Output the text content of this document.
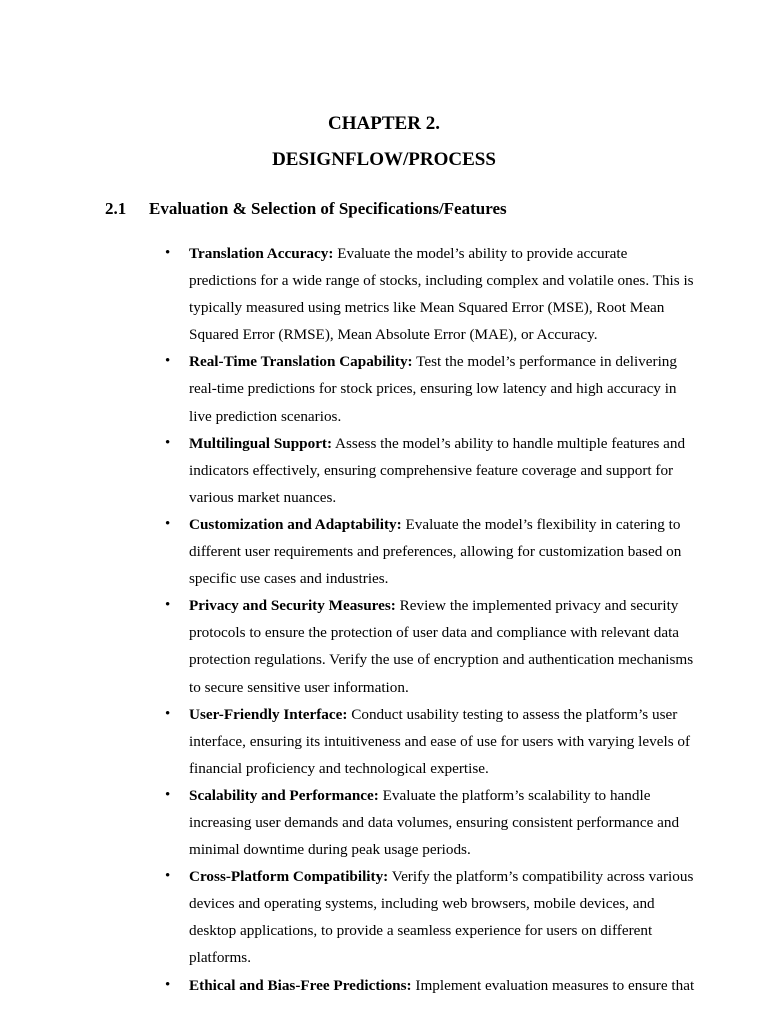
CHAPTER 2.
DESIGNFLOW/PROCESS
2.1 Evaluation & Selection of Specifications/Features
• Translation Accuracy: Evaluate the model’s ability to provide accurate predictions for a wide range of stocks, including complex and volatile ones. This is typically measured using metrics like Mean Squared Error (MSE), Root Mean Squared Error (RMSE), Mean Absolute Error (MAE), or Accuracy.
• Real-Time Translation Capability: Test the model’s performance in delivering real-time predictions for stock prices, ensuring low latency and high accuracy in live prediction scenarios.
• Multilingual Support: Assess the model’s ability to handle multiple features and indicators effectively, ensuring comprehensive feature coverage and support for various market nuances.
• Customization and Adaptability: Evaluate the model’s flexibility in catering to different user requirements and preferences, allowing for customization based on specific use cases and industries.
• Privacy and Security Measures: Review the implemented privacy and security protocols to ensure the protection of user data and compliance with relevant data protection regulations. Verify the use of encryption and authentication mechanisms to secure sensitive user information.
• User-Friendly Interface: Conduct usability testing to assess the platform’s user interface, ensuring its intuitiveness and ease of use for users with varying levels of financial proficiency and technological expertise.
• Scalability and Performance: Evaluate the platform’s scalability to handle increasing user demands and data volumes, ensuring consistent performance and minimal downtime during peak usage periods.
• Cross-Platform Compatibility: Verify the platform’s compatibility across various devices and operating systems, including web browsers, mobile devices, and desktop applications, to provide a seamless experience for users on different platforms.
• Ethical and Bias-Free Predictions: Implement evaluation measures to ensure that
